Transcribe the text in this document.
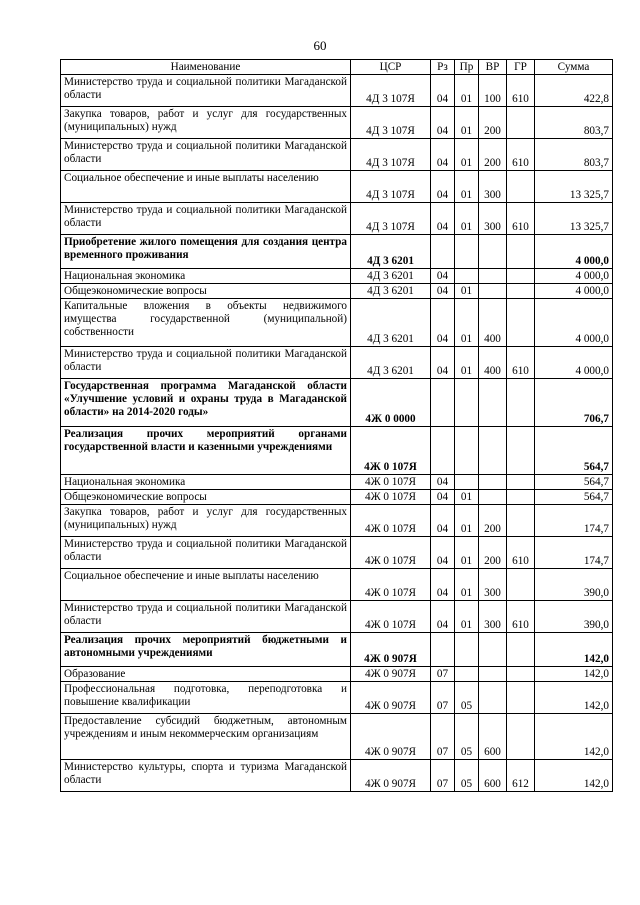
60
Наименование	ЦСР	Рз	Пр	ВР	ГР	Сумма
Министерство труда и социальной политики Магаданской области	4Д 3 107Я	04	01	100	610	422,8
Закупка товаров, работ и услуг для государственных (муниципальных) нужд	4Д 3 107Я	04	01	200		803,7
Министерство труда и социальной политики Магаданской области	4Д 3 107Я	04	01	200	610	803,7
Социальное обеспечение и иные выплаты населению	4Д 3 107Я	04	01	300		13 325,7
Министерство труда и социальной политики Магаданской области	4Д 3 107Я	04	01	300	610	13 325,7
Приобретение жилого помещения для создания центра временного проживания	4Д 3 6201					4 000,0
Национальная экономика	4Д 3 6201	04				4 000,0
Общеэкономические вопросы	4Д 3 6201	04	01			4 000,0
Капитальные вложения в объекты недвижимого имущества государственной (муниципальной) собственности	4Д 3 6201	04	01	400		4 000,0
Министерство труда и социальной политики Магаданской области	4Д 3 6201	04	01	400	610	4 000,0
Государственная программа Магаданской области «Улучшение условий и охраны труда в Магаданской области» на 2014-2020 годы»	4Ж 0 0000					706,7
Реализация прочих мероприятий органами государственной власти и казенными учреждениями	4Ж 0 107Я					564,7
Национальная экономика	4Ж 0 107Я	04				564,7
Общеэкономические вопросы	4Ж 0 107Я	04	01			564,7
Закупка товаров, работ и услуг для государственных (муниципальных) нужд	4Ж 0 107Я	04	01	200		174,7
Министерство труда и социальной политики Магаданской области	4Ж 0 107Я	04	01	200	610	174,7
Социальное обеспечение и иные выплаты населению	4Ж 0 107Я	04	01	300		390,0
Министерство труда и социальной политики Магаданской области	4Ж 0 107Я	04	01	300	610	390,0
Реализация прочих мероприятий бюджетными и автономными учреждениями	4Ж 0 907Я					142,0
Образование	4Ж 0 907Я	07				142,0
Профессиональная подготовка, переподготовка и повышение квалификации	4Ж 0 907Я	07	05			142,0
Предоставление субсидий бюджетным, автономным учреждениям и иным некоммерческим организациям	4Ж 0 907Я	07	05	600		142,0
Министерство культуры, спорта и туризма Магаданской области	4Ж 0 907Я	07	05	600	612	142,0
